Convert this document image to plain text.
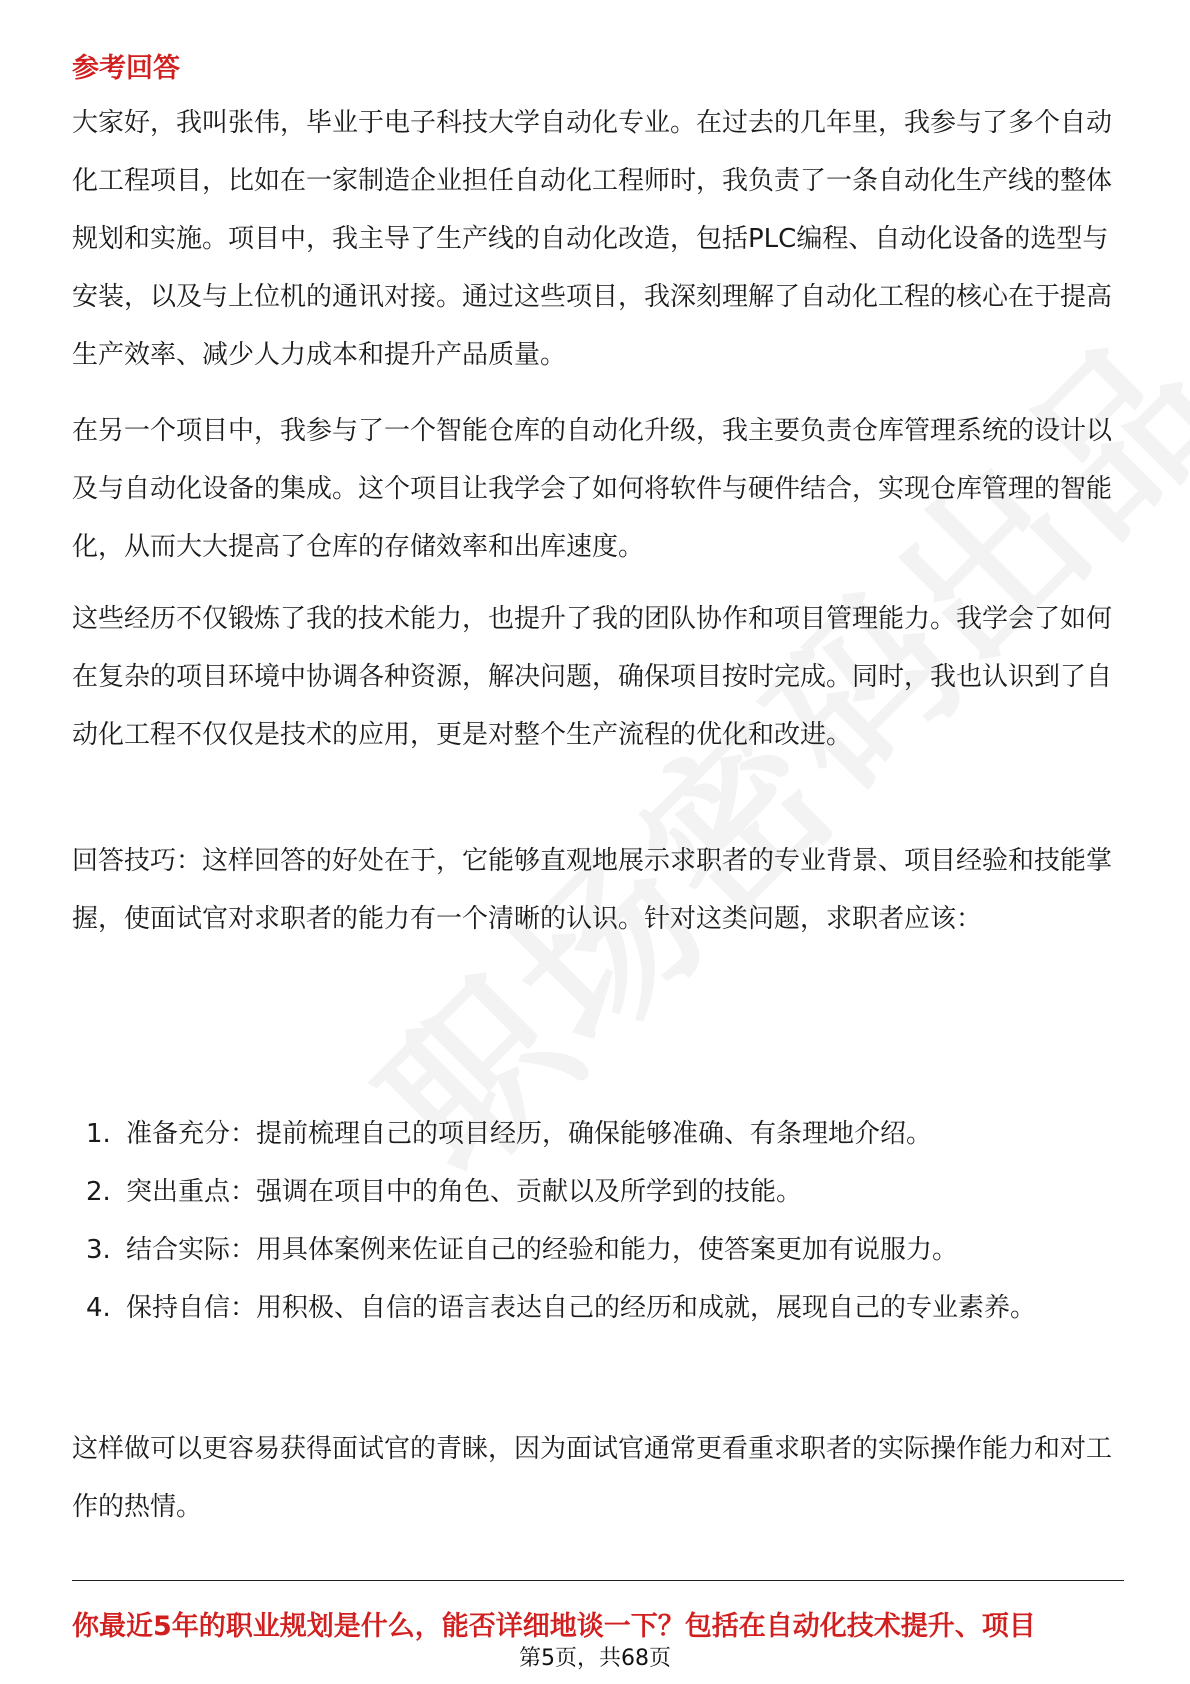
参考回答

大家好，我叫张伟，毕业于电子科技大学自动化专业。在过去的几年里，我参与了多个自动化工程项目，比如在一家制造企业担任自动化工程师时，我负责了一条自动化生产线的整体规划和实施。项目中，我主导了生产线的自动化改造，包括PLC编程、自动化设备的选型与安装，以及与上位机的通讯对接。通过这些项目，我深刻理解了自动化工程的核心在于提高生产效率、减少人力成本和提升产品质量。

在另一个项目中，我参与了一个智能仓库的自动化升级，我主要负责仓库管理系统的设计以及与自动化设备的集成。这个项目让我学会了如何将软件与硬件结合，实现仓库管理的智能化，从而大大提高了仓库的存储效率和出库速度。

这些经历不仅锻炼了我的技术能力，也提升了我的团队协作和项目管理能力。我学会了如何在复杂的项目环境中协调各种资源，解决问题，确保项目按时完成。同时，我也认识到了自动化工程不仅仅是技术的应用，更是对整个生产流程的优化和改进。

回答技巧：这样回答的好处在于，它能够直观地展示求职者的专业背景、项目经验和技能掌握，使面试官对求职者的能力有一个清晰的认识。针对这类问题，求职者应该：

1. 准备充分：提前梳理自己的项目经历，确保能够准确、有条理地介绍。
2. 突出重点：强调在项目中的角色、贡献以及所学到的技能。
3. 结合实际：用具体案例来佐证自己的经验和能力，使答案更加有说服力。
4. 保持自信：用积极、自信的语言表达自己的经历和成就，展现自己的专业素养。

这样做可以更容易获得面试官的青睐，因为面试官通常更看重求职者的实际操作能力和对工作的热情。

你最近5年的职业规划是什么，能否详细地谈一下？包括在自动化技术提升、项目

第5页，共68页
